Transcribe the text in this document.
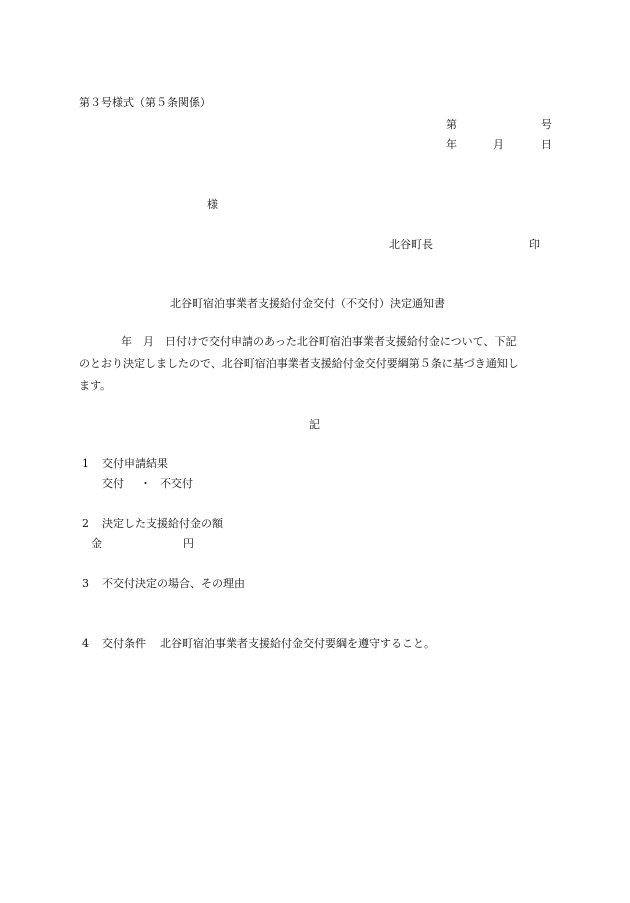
第３号様式（第５条関係）
第	号
年	月	日
様
北谷町長	印
北谷町宿泊事業者支援給付金交付（不交付）決定通知書
年　月　日付けで交付申請のあった北谷町宿泊事業者支援給付金について、下記
のとおり決定しましたので、北谷町宿泊事業者支援給付金交付要綱第５条に基づき通知し
ます。
記
1 交付申請結果
交付 ・ 不交付
2 決定した支援給付金の額
金	円
3 不交付決定の場合、その理由
4 交付条件 北谷町宿泊事業者支援給付金交付要綱を遵守すること。
